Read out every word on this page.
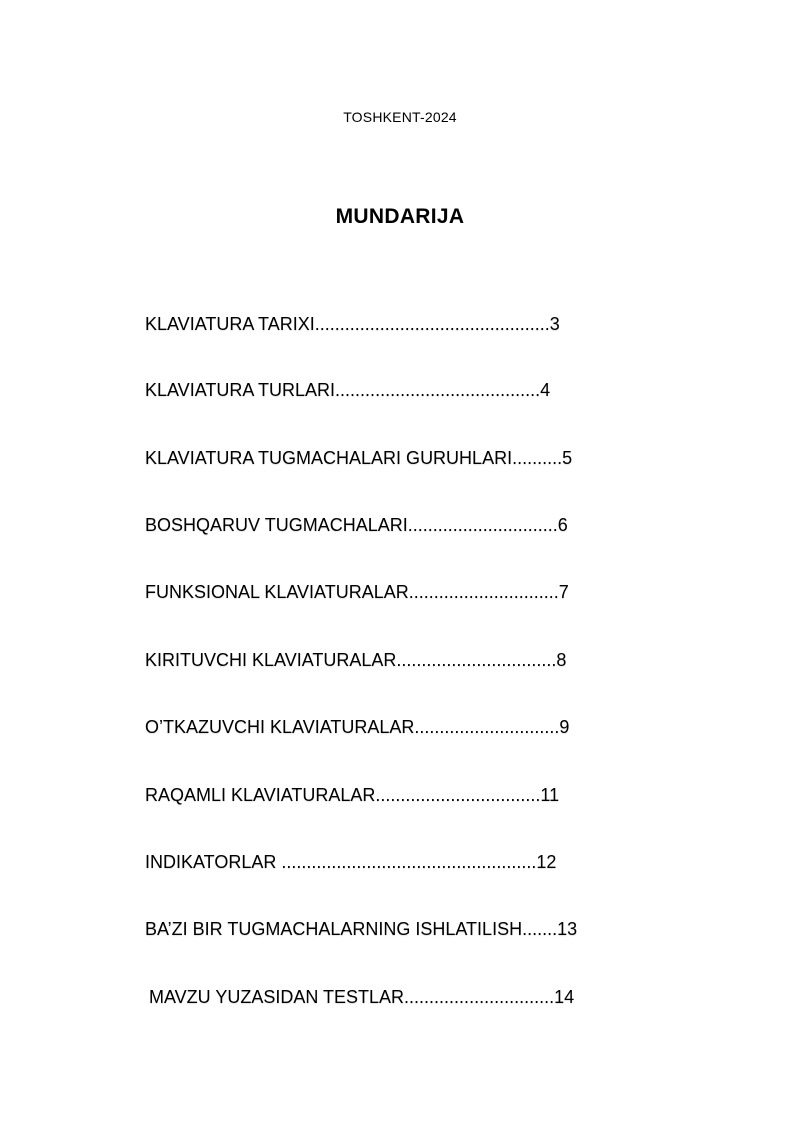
TOSHKENT-2024
MUNDARIJA
KLAVIATURA TARIXI...............................................3
KLAVIATURA TURLARI.........................................4
KLAVIATURA TUGMACHALARI GURUHLARI..........5
BOSHQARUV TUGMACHALARI..............................6
FUNKSIONAL KLAVIATURALAR..............................7
KIRITUVCHI KLAVIATURALAR................................8
O’TKAZUVCHI KLAVIATURALAR.............................9
RAQAMLI KLAVIATURALAR.................................11
INDIKATORLAR ...................................................12
BA’ZI BIR TUGMACHALARNING ISHLATILISH.......13
MAVZU YUZASIDAN TESTLAR..............................14
